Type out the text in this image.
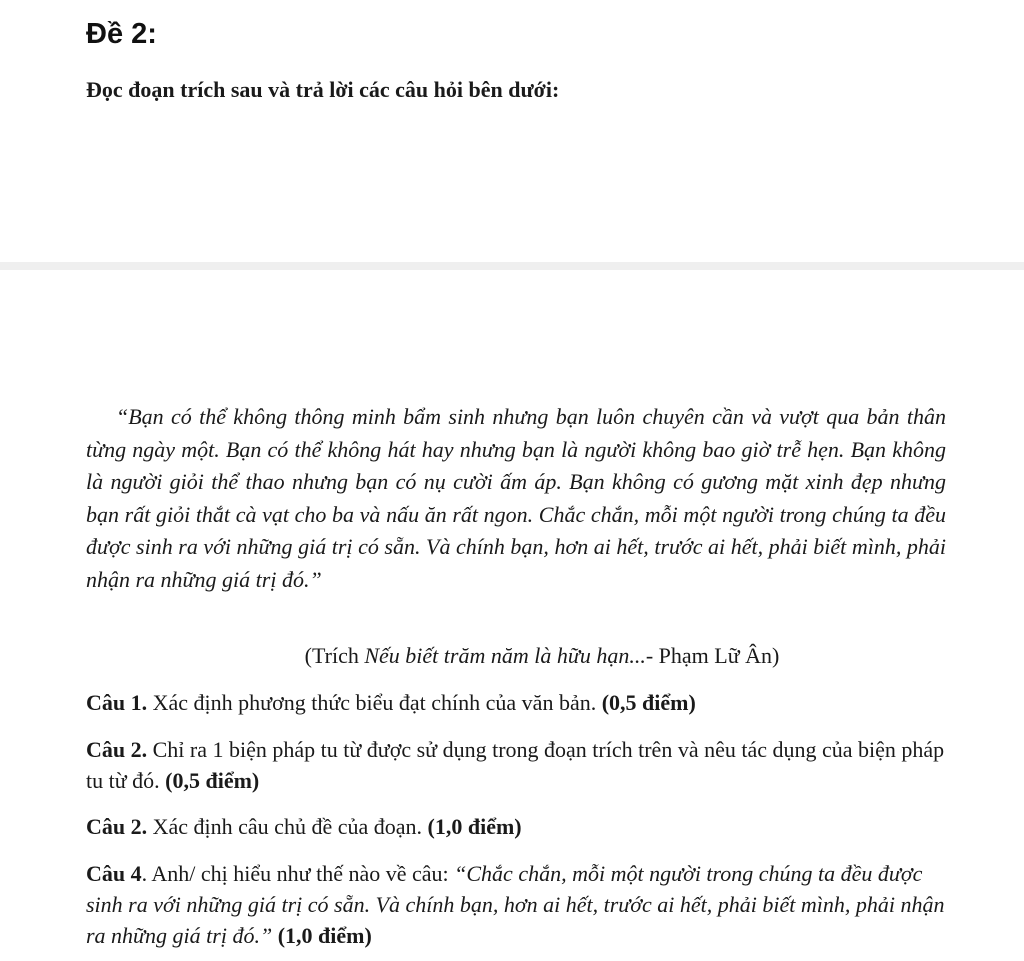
Đề 2:
Đọc đoạn trích sau và trả lời các câu hỏi bên dưới:

“Bạn có thể không thông minh bẩm sinh nhưng bạn luôn chuyên cần và vượt qua bản thân từng ngày một. Bạn có thể không hát hay nhưng bạn là người không bao giờ trễ hẹn. Bạn không là người giỏi thể thao nhưng bạn có nụ cười ấm áp. Bạn không có gương mặt xinh đẹp nhưng bạn rất giỏi thắt cà vạt cho ba và nấu ăn rất ngon. Chắc chắn, mỗi một người trong chúng ta đều được sinh ra với những giá trị có sẵn. Và chính bạn, hơn ai hết, trước ai hết, phải biết mình, phải nhận ra những giá trị đó.”

(Trích Nếu biết trăm năm là hữu hạn...- Phạm Lữ Ân)

Câu 1. Xác định phương thức biểu đạt chính của văn bản. (0,5 điểm)

Câu 2. Chỉ ra 1 biện pháp tu từ được sử dụng trong đoạn trích trên và nêu tác dụng của biện pháp tu từ đó. (0,5 điểm)

Câu 2. Xác định câu chủ đề của đoạn. (1,0 điểm)

Câu 4. Anh/ chị hiểu như thế nào về câu: “Chắc chắn, mỗi một người trong chúng ta đều được sinh ra với những giá trị có sẵn. Và chính bạn, hơn ai hết, trước ai hết, phải biết mình, phải nhận ra những giá trị đó.” (1,0 điểm)
